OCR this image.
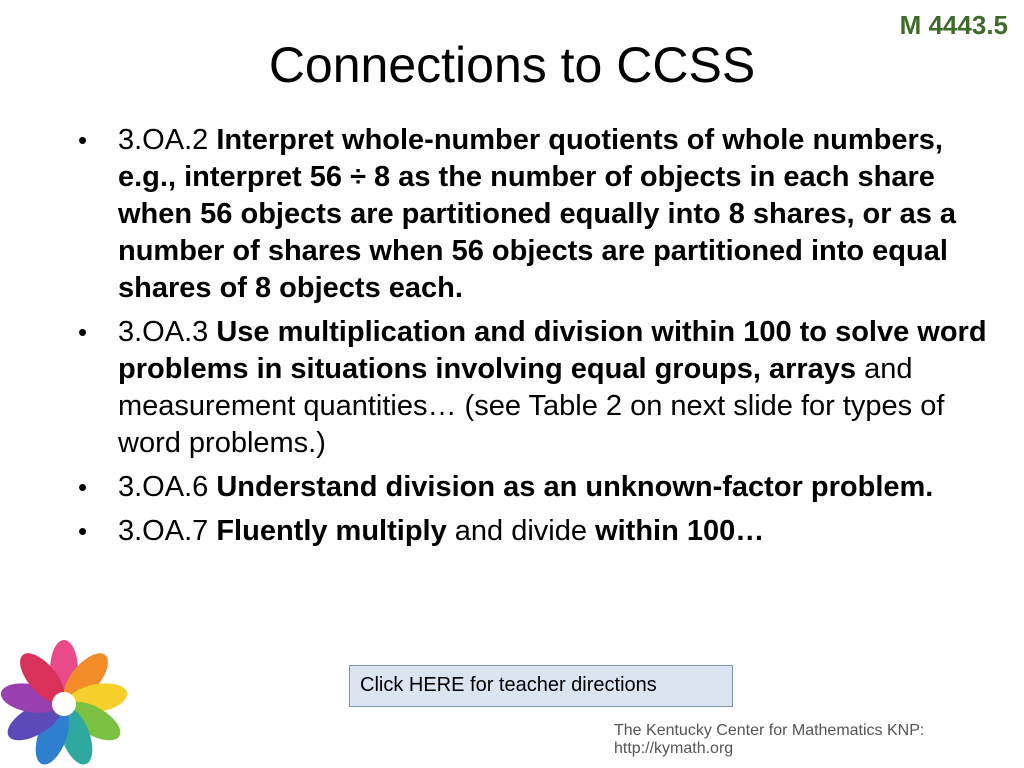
M 4443.5
Connections to CCSS
• 3.OA.2 Interpret whole-number quotients of whole numbers, e.g., interpret 56 ÷ 8 as the number of objects in each share when 56 objects are partitioned equally into 8 shares, or as a number of shares when 56 objects are partitioned into equal shares of 8 objects each.
• 3.OA.3 Use multiplication and division within 100 to solve word problems in situations involving equal groups, arrays and measurement quantities… (see Table 2 on next slide for types of word problems.)
• 3.OA.6 Understand division as an unknown-factor problem.
• 3.OA.7 Fluently multiply and divide within 100…
Click HERE for teacher directions
The Kentucky Center for Mathematics KNP: http://kymath.org
